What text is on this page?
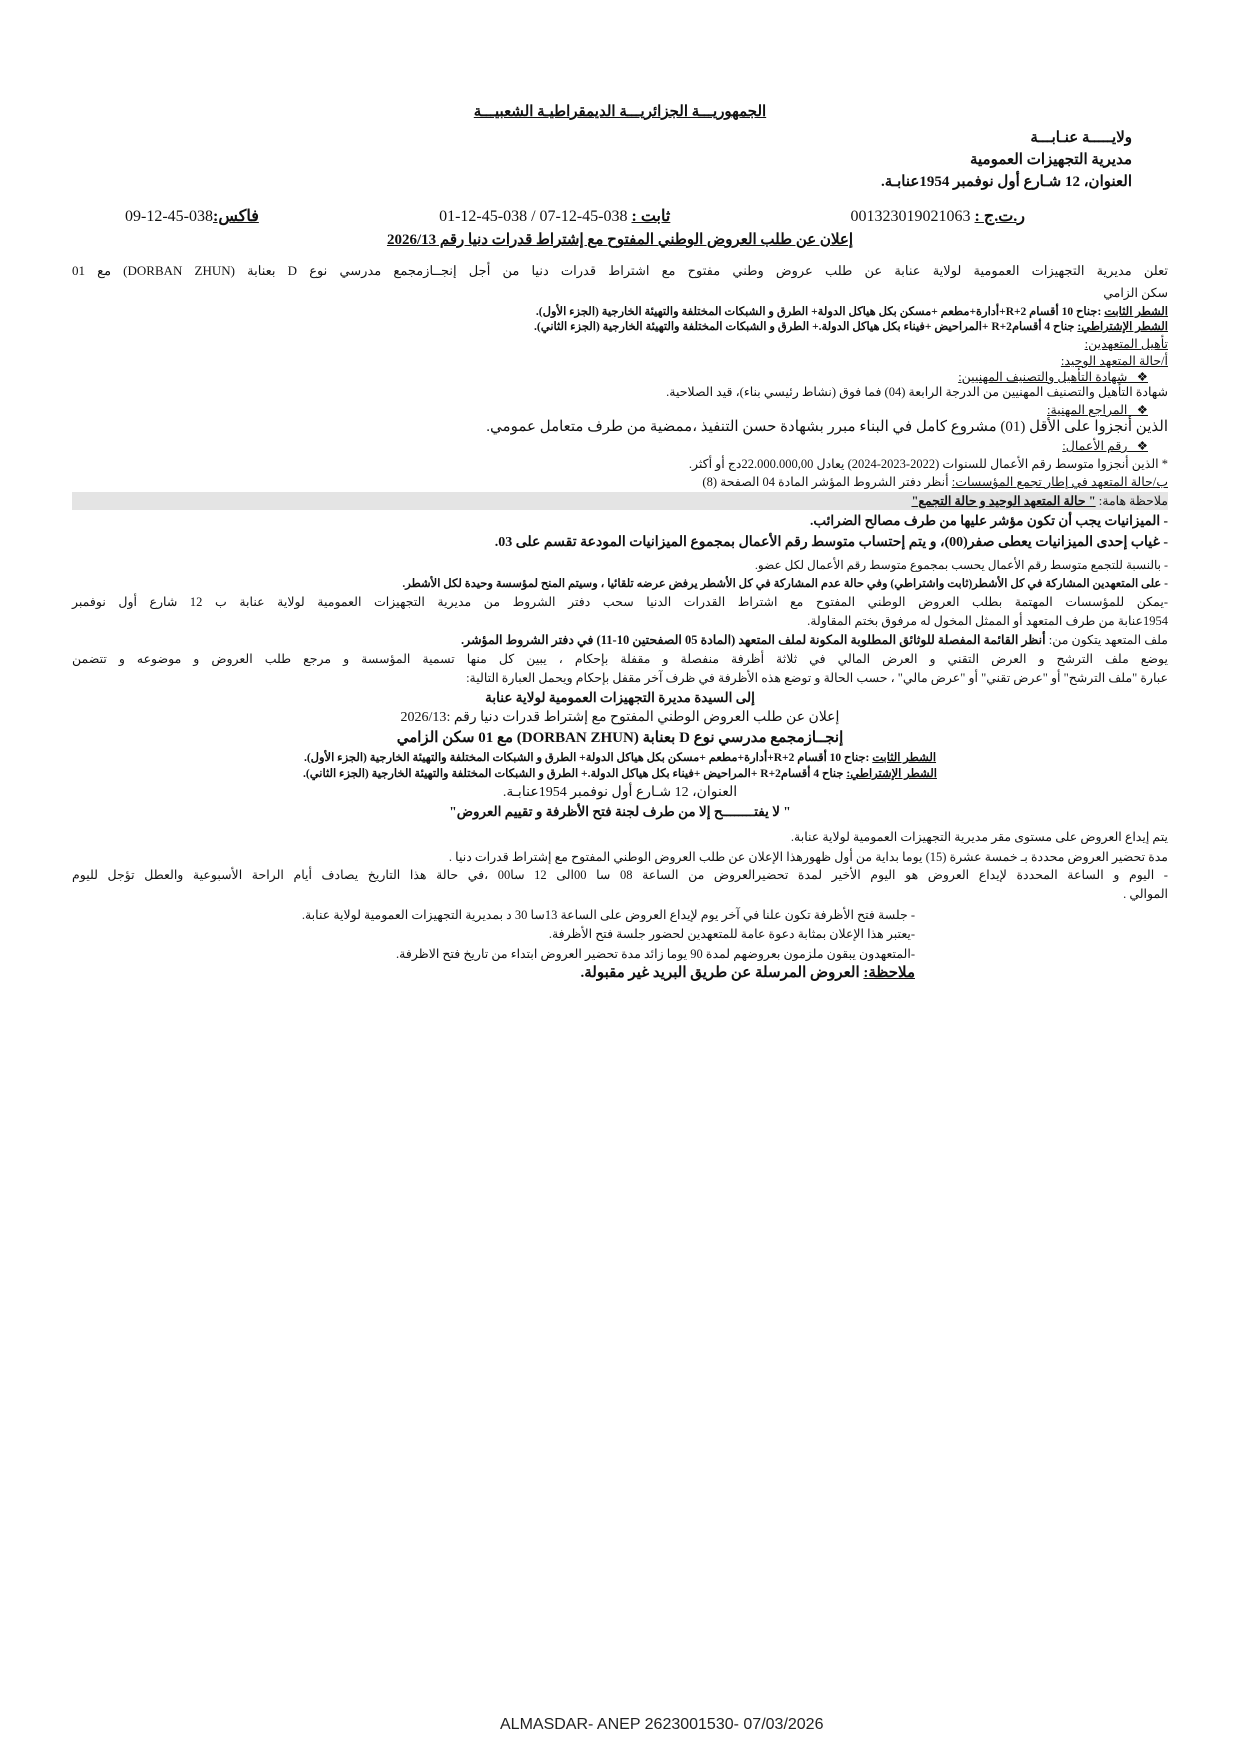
الجمهوريـــة الجزائريـــة الديمقراطيـة الشعبيـــة
ولايـــــة عنـابـــة
مديرية التجهيزات العمومية
العنوان، 12 شـارع أول نوفمبر 1954عنابـة.
ر.ت.ج : 001323019021063
ثابت : 038-45-12-07 / 038-45-12-01
فاكس:038-45-12-09
إعلان عن طلب العروض الوطني المفتوح مع إشتراط قدرات دنيا رقم 2026/13
تعلن مديرية التجهيزات العمومية لولاية عنابة عن طلب عروض وطني مفتوح مع اشتراط قدرات دنيا من أجل إنجــازمجمع مدرسي نوع D بعنابة (DORBAN ZHUN) مع 01
سكن الزامي
الشطر الثابت :جناح 10 أقسام R+2+أدارة+مطعم +مسكن بكل هياكل الدولة+ الطرق و الشبكات المختلفة والتهيئة الخارجية (الجزء الأول).
الشطر الإشتراطي: جناح 4 أقسامR+2 +المراحيض +فيناء بكل هياكل الدولة.+ الطرق و الشبكات المختلفة والتهيئة الخارجية (الجزء الثاني).
تأهيل المتعهدين:
أ/حالة المتعهد الوحيد:
❖   شهادة التأهيل والتصنيف المهنيين:
شهادة التأهيل والتصنيف المهنيين من الدرجة الرابعة (04) فما فوق (نشاط رئيسي بناء)، قيد الصلاحية.
❖   المراجع المهنية:
الذين أنجزوا على الأقل (01) مشروع كامل في البناء مبرر بشهادة حسن التنفيذ ،ممضية من طرف متعامل عمومي.
❖   رقم الأعمال:
* الذين أنجزوا متوسط رقم الأعمال للسنوات (2022-2023-2024) يعادل 22.000.000,00دج أو أكثر.
ب/حالة المتعهد في إطار تجمع المؤسسات: أنظر دفتر الشروط المؤشر المادة 04 الصفحة (8)
ملاحظة هامة: " حالة المتعهد الوحيد و حالة التجمع"
- الميزانيات يجب أن تكون مؤشر عليها من طرف مصالح الضرائب.
- غياب إحدى الميزانيات يعطى صفر(00)، و يتم إحتساب متوسط رقم الأعمال بمجموع الميزانيات المودعة تقسم على 03.
- بالنسبة للتجمع متوسط رقم الأعمال يحسب بمجموع متوسط رقم الأعمال لكل عضو.
- على المتعهدين المشاركة في كل الأشطر(ثابت واشتراطي) وفي حالة عدم المشاركة في كل الأشطر يرفض عرضه تلقائيا ، وسيتم المنح لمؤسسة وحيدة لكل الأشطر.
-يمكن للمؤسسات المهتمة بطلب العروض الوطني المفتوح مع اشتراط القدرات الدنيا سحب دفتر الشروط من مديرية التجهيزات العمومية لولاية عنابة ب 12 شارع أول نوفمبر
1954عنابة من طرف المتعهد أو الممثل المخول له مرفوق بختم المقاولة.
ملف المتعهد يتكون من: أنظر القائمة المفصلة للوثائق المطلوبة المكونة لملف المتعهد (المادة 05 الصفحتين 10-11) في دفتر الشروط المؤشر.
يوضع ملف الترشح و العرض التقني و العرض المالي في ثلاثة أظرفة منفصلة و مقفلة بإحكام ، يبين كل منها تسمية المؤسسة و مرجع طلب العروض و موضوعه و تتضمن
عبارة "ملف الترشح" أو "عرض تقني" أو "عرض مالي" ، حسب الحالة و توضع هذه الأظرفة في ظرف آخر مقفل بإحكام ويحمل العبارة التالية:
إلى السيدة مديرة التجهيزات العمومية لولاية عنابة
إعلان عن طلب العروض الوطني المفتوح مع إشتراط قدرات دنيا رقم :2026/13
إنجــازمجمع مدرسي نوع D بعنابة (DORBAN ZHUN) مع 01 سكن الزامي
الشطر الثابت :جناح 10 أقسام R+2+أدارة+مطعم +مسكن بكل هياكل الدولة+ الطرق و الشبكات المختلفة والتهيئة الخارجية (الجزء الأول).
الشطر الإشتراطي: جناح 4 أقسامR+2 +المراحيض +فيناء بكل هياكل الدولة.+ الطرق و الشبكات المختلفة والتهيئة الخارجية (الجزء الثاني).
العنوان، 12 شـارع أول نوفمبر 1954عنابـة.
" لا يفتــــــــح إلا من طرف لجنة فتح الأظرفة و تقييم العروض"
يتم إيداع العروض على مستوى مقر مديرية التجهيزات العمومية لولاية عنابة.
مدة تحضير العروض محددة بـ خمسة عشرة (15) يوما بداية من أول ظهورهذا الإعلان عن طلب العروض الوطني المفتوح مع إشتراط قدرات دنيا .
- اليوم و الساعة المحددة لإيداع العروض هو اليوم الأخير لمدة تحضيرالعروض من الساعة 08 سا 00الى 12 سا00 ،في حالة هذا التاريخ يصادف أيام الراحة الأسبوعية والعطل تؤجل لليوم
الموالي .
- جلسة فتح الأظرفة تكون علنا في آخر يوم لإيداع العروض على الساعة 13سا 30 د بمديرية التجهيزات العمومية لولاية عنابة.
-يعتبر هذا الإعلان بمثابة دعوة عامة للمتعهدين لحضور جلسة فتح الأظرفة.
-المتعهدون يبقون ملزمون بعروضهم لمدة 90 يوما زائد مدة تحضير العروض ابتداء من تاريخ فتح الاظرفة.
ملاحظة: العروض المرسلة عن طريق البريد غير مقبولة.
ALMASDAR- ANEP 2623001530- 07/03/2026
